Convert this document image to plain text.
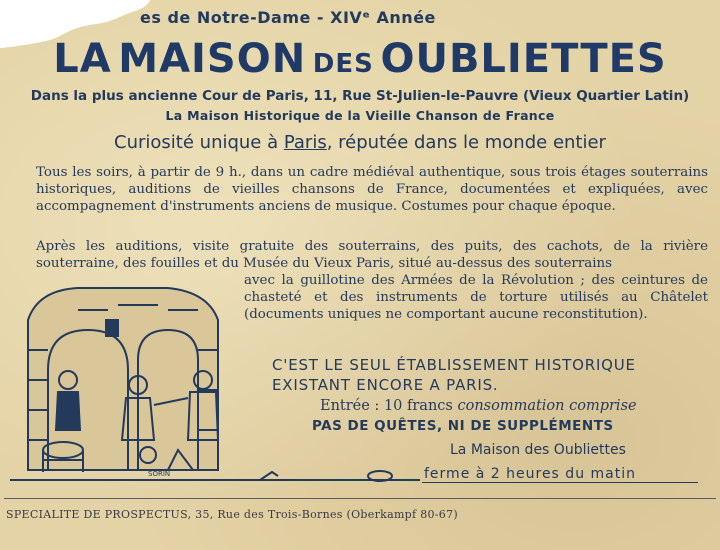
es de Notre-Dame - XIVᵉ Année
LA MAISON DES OUBLIETTES
Dans la plus ancienne Cour de Paris, 11, Rue St-Julien-le-Pauvre (Vieux Quartier Latin)
La Maison Historique de la Vieille Chanson de France
Curiosité unique à Paris, réputée dans le monde entier
Tous les soirs, à partir de 9 h., dans un cadre médiéval authentique, sous trois étages souterrains historiques, auditions de vieilles chansons de France, documentées et expliquées, avec accompagnement d'instruments anciens de musique. Costumes pour chaque époque.
Après les auditions, visite gratuite des souterrains, des puits, des cachots, de la rivière souterraine, des fouilles et du Musée du Vieux Paris, situé au-dessus des souterrains
avec la guillotine des Armées de la Révolution ; des ceintures de chasteté et des instruments de torture utilisés au Châtelet (documents uniques ne comportant aucune reconstitution).
SORIN
C'EST LE SEUL ÉTABLISSEMENT HISTORIQUE
EXISTANT ENCORE A PARIS.
Entrée : 10 francs consommation comprise
PAS DE QUÊTES, NI DE SUPPLÉMENTS
La Maison des Oubliettes
ferme à 2 heures du matin
SPECIALITE DE PROSPECTUS, 35, Rue des Trois-Bornes (Oberkampf 80-67)
